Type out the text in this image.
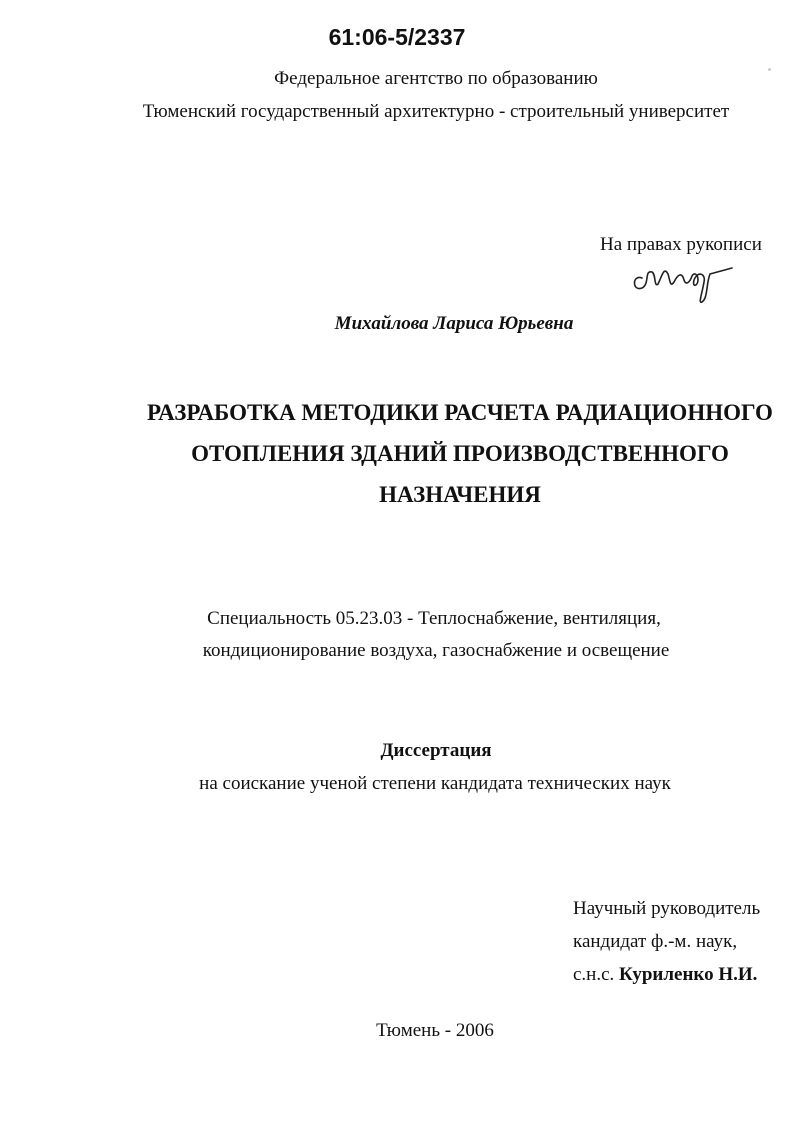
61:06-5/2337
Федеральное агентство по образованию
Тюменский государственный архитектурно - строительный университет
На правах рукописи
Михайлова Лариса Юрьевна
РАЗРАБОТКА МЕТОДИКИ РАСЧЕТА РАДИАЦИОННОГО
ОТОПЛЕНИЯ ЗДАНИЙ ПРОИЗВОДСТВЕННОГО
НАЗНАЧЕНИЯ
Специальность 05.23.03 - Теплоснабжение, вентиляция,
кондиционирование воздуха, газоснабжение и освещение
Диссертация
на соискание ученой степени кандидата технических наук
Научный руководитель
кандидат ф.-м. наук,
с.н.с. Куриленко Н.И.
Тюмень - 2006
